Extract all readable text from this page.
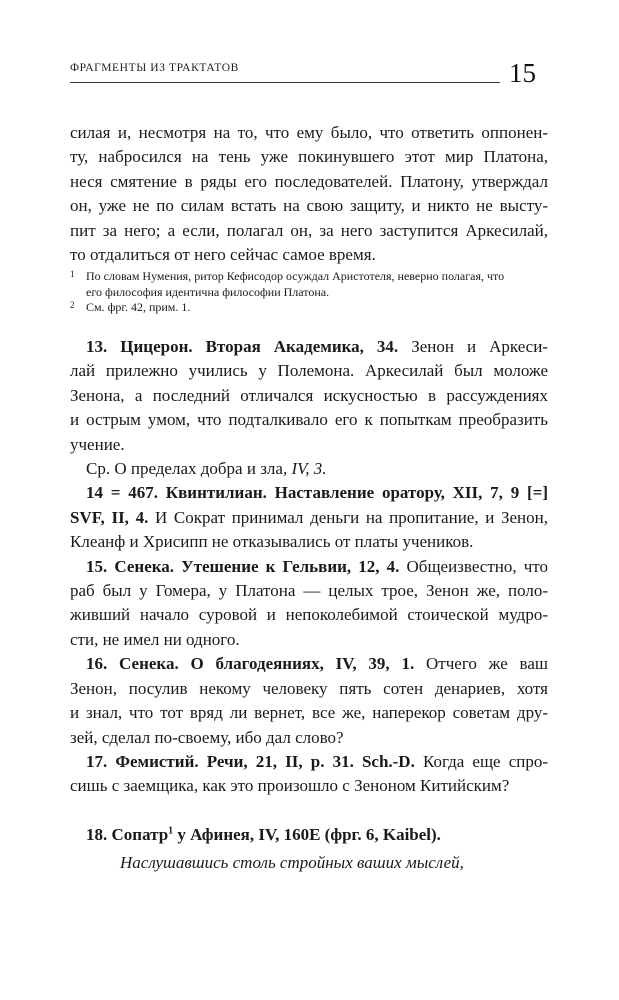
ФРАГМЕНТЫ ИЗ ТРАКТАТОВ	15
силая и, несмотря на то, что ему было, что ответить оппонен-
ту, набросился на тень уже покинувшего этот мир Платона,
неся смятение в ряды его последователей. Платону, утверждал
он, уже не по силам встать на свою защиту, и никто не высту-
пит за него; а если, полагал он, за него заступится Аркесилай,
то отдалиться от него сейчас самое время.
1 По словам Нумения, ритор Кефисодор осуждал Аристотеля, неверно полагая, что
его философия идентична философии Платона.
2 См. фрг. 42, прим. 1.
13. Цицерон. Вторая Академика, 34. Зенон и Аркеси-
лай прилежно учились у Полемона. Аркесилай был моложе
Зенона, а последний отличался искусностью в рассуждениях
и острым умом, что подталкивало его к попыткам преобразить
учение.
Ср. О пределах добра и зла, IV, 3.
14 = 467. Квинтилиан. Наставление оратору, XII, 7, 9 [=]
SVF, II, 4. И Сократ принимал деньги на пропитание, и Зенон,
Клеанф и Хрисипп не отказывались от платы учеников.
15. Сенека. Утешение к Гельвии, 12, 4. Общеизвестно, что
раб был у Гомера, у Платона — целых трое, Зенон же, поло-
живший начало суровой и непоколебимой стоической мудро-
сти, не имел ни одного.
16. Сенека. О благодеяниях, IV, 39, 1. Отчего же ваш
Зенон, посулив некому человеку пять сотен денариев, хотя
и знал, что тот вряд ли вернет, все же, наперекор советам дру-
зей, сделал по-своему, ибо дал слово?
17. Фемистий. Речи, 21, II, p. 31. Sch.-D. Когда еще спро-
сишь с заемщика, как это произошло с Зеноном Китийским?
18. Сопатр$^1$ у Афинея, IV, 160E (фрг. 6, Kaibel).
Наслушавшись столь стройных ваших мыслей,
